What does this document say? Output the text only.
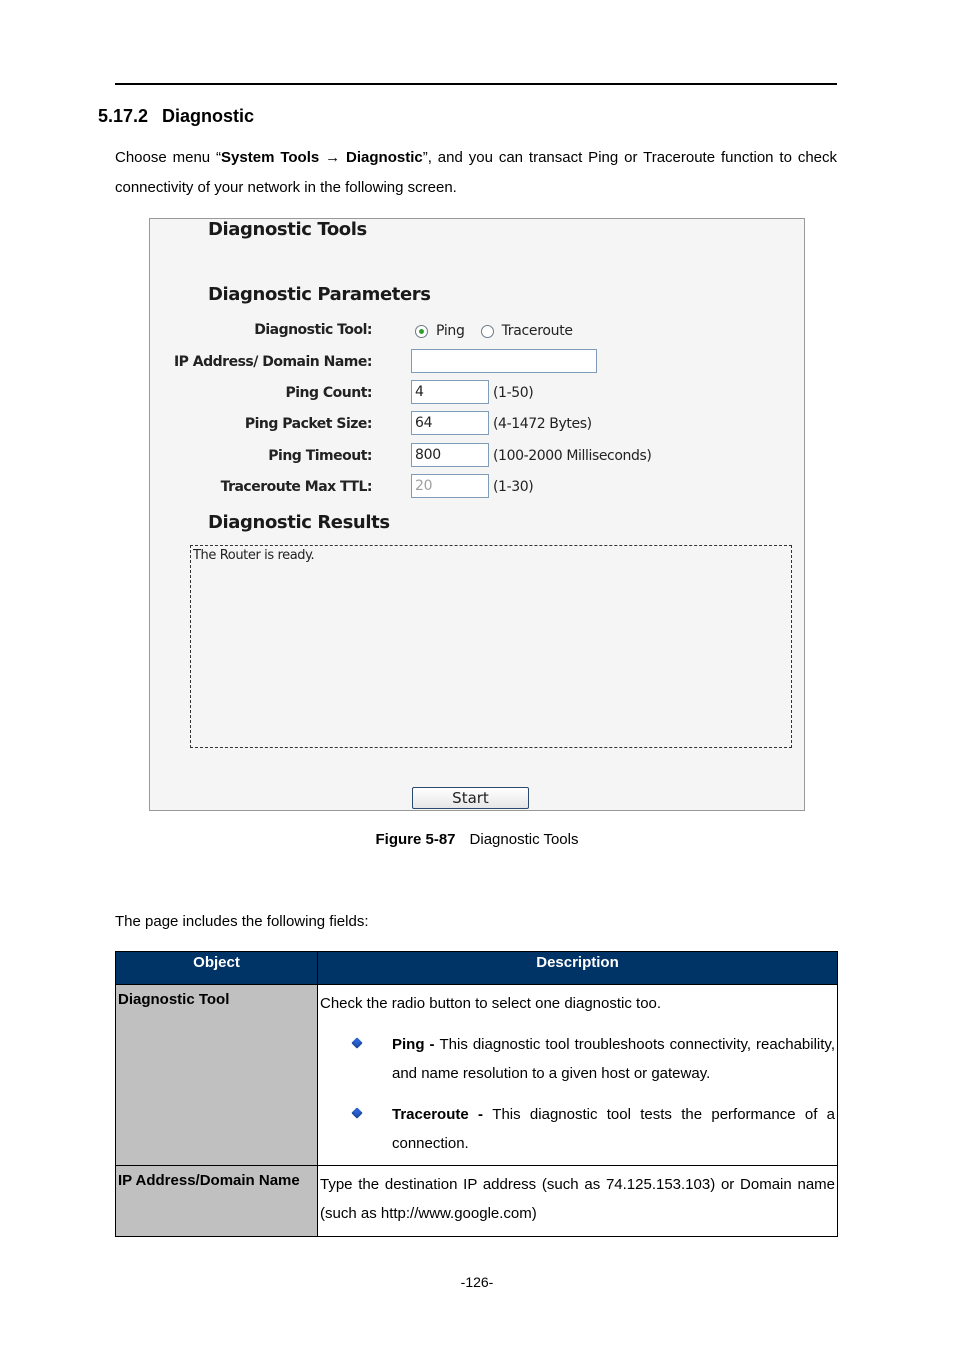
5.17.2 Diagnostic
Choose menu “System Tools → Diagnostic”, and you can transact Ping or Traceroute function to check connectivity of your network in the following screen.
Diagnostic Tools
Diagnostic Parameters
Diagnostic Tool:	Ping	Traceroute
IP Address/ Domain Name:
Ping Count:	4	(1-50)
Ping Packet Size:	64	(4-1472 Bytes)
Ping Timeout:	800	(100-2000 Milliseconds)
Traceroute Max TTL:	20	(1-30)
Diagnostic Results
The Router is ready.
Start
Figure 5-87 Diagnostic Tools
The page includes the following fields:
Object	Description
Diagnostic Tool	Check the radio button to select one diagnostic too.

Ping - This diagnostic tool troubleshoots connectivity, reachability, and name resolution to a given host or gateway.
Traceroute - This diagnostic tool tests the performance of a connection.

IP Address/Domain Name	Type the destination IP address (such as 74.125.153.103) or Domain name (such as http://www.google.com)
-126-
